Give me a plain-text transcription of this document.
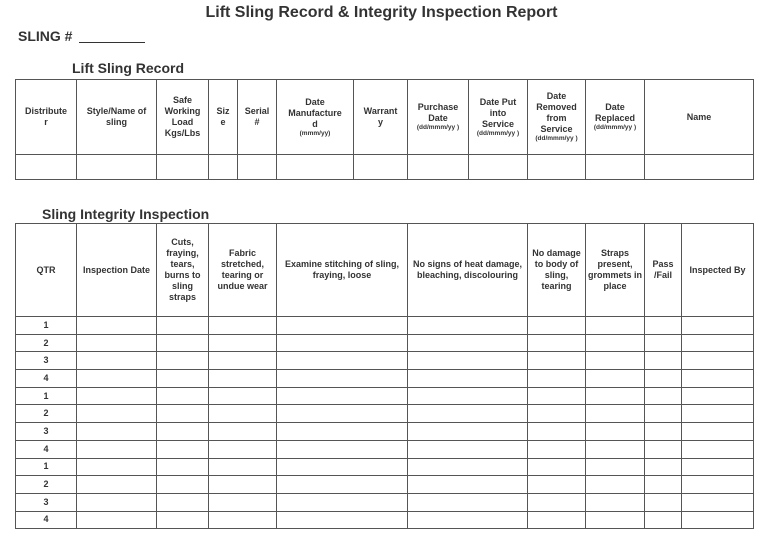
Lift Sling Record & Integrity Inspection Report
SLING #
Lift Sling Record
Distribute
r	Style/Name of
sling	Safe
Working
Load
Kgs/Lbs	Siz
e	Serial
#	Date
Manufacture
d

(mmm/yy)	Warrant
y	Purchase
Date

(dd/mmm/yy )	Date Put
into
Service

(dd/mmm/yy )	Date
Removed
from
Service

(dd/mmm/yy )	Date
Replaced

(dd/mmm/yy )	Name

Sling Integrity Inspection
QTR	Inspection Date	Cuts, fraying, tears, burns to sling straps	Fabric stretched, tearing or undue wear	Examine stitching of sling, fraying, loose	No signs of heat damage, bleaching, discolouring	No damage to body of sling, tearing	Straps present, grommets in place	Pass /Fail	Inspected By
1									
2									
3									
4									
1									
2									
3									
4									
1									
2									
3									
4									
